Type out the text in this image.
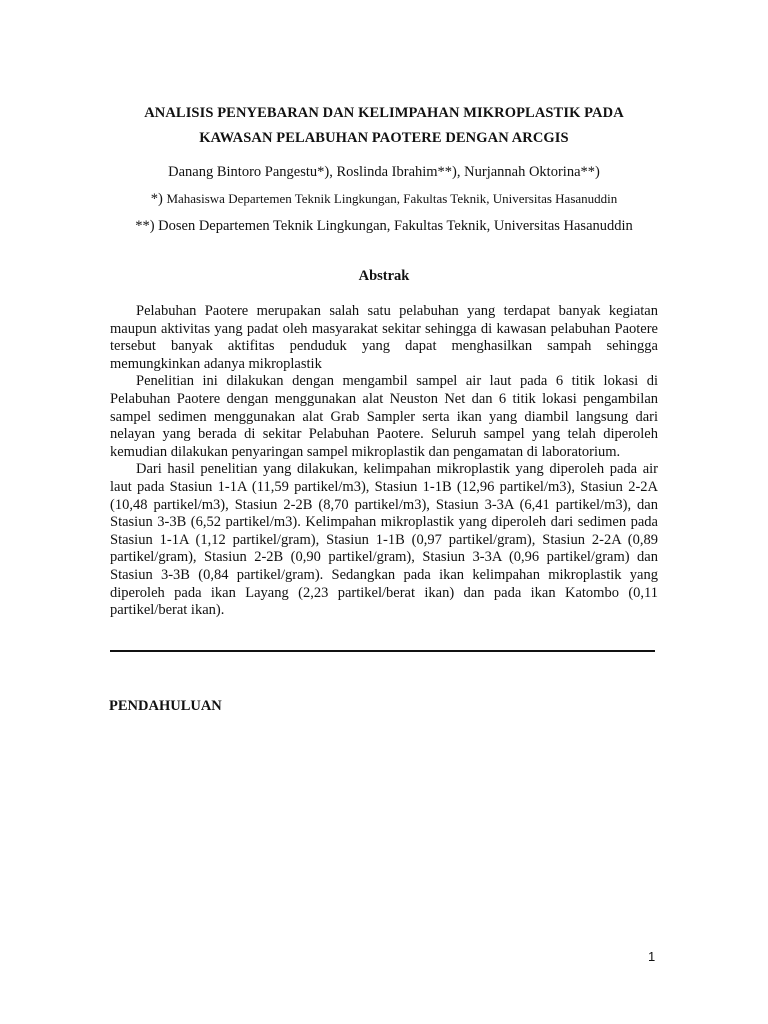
ANALISIS PENYEBARAN DAN KELIMPAHAN MIKROPLASTIK PADA
KAWASAN PELABUHAN PAOTERE DENGAN ARCGIS
Danang Bintoro Pangestu*), Roslinda Ibrahim**), Nurjannah Oktorina**)
*) Mahasiswa Departemen Teknik Lingkungan, Fakultas Teknik, Universitas Hasanuddin
**) Dosen Departemen Teknik Lingkungan, Fakultas Teknik, Universitas Hasanuddin
Abstrak

Pelabuhan Paotere merupakan salah satu pelabuhan yang terdapat banyak kegiatan maupun aktivitas yang padat oleh masyarakat sekitar sehingga di kawasan pelabuhan Paotere tersebut banyak aktifitas penduduk yang dapat menghasilkan sampah sehingga memungkinkan adanya mikroplastik

Penelitian ini dilakukan dengan mengambil sampel air laut pada 6 titik lokasi di Pelabuhan Paotere dengan menggunakan alat Neuston Net dan 6 titik lokasi pengambilan sampel sedimen menggunakan alat Grab Sampler serta ikan yang diambil langsung dari nelayan yang berada di sekitar Pelabuhan Paotere. Seluruh sampel yang telah diperoleh kemudian dilakukan penyaringan sampel mikroplastik dan pengamatan di laboratorium.

Dari hasil penelitian yang dilakukan, kelimpahan mikroplastik yang diperoleh pada air laut pada Stasiun 1-1A (11,59 partikel/m3), Stasiun 1-1B (12,96 partikel/m3), Stasiun 2-2A (10,48 partikel/m3), Stasiun 2-2B (8,70 partikel/m3), Stasiun 3-3A (6,41 partikel/m3), dan Stasiun 3-3B (6,52 partikel/m3). Kelimpahan mikroplastik yang diperoleh dari sedimen pada Stasiun 1-1A (1,12 partikel/gram), Stasiun 1-1B (0,97 partikel/gram), Stasiun 2-2A (0,89 partikel/gram), Stasiun 2-2B (0,90 partikel/gram), Stasiun 3-3A (0,96 partikel/gram) dan Stasiun 3-3B (0,84 partikel/gram). Sedangkan pada ikan kelimpahan mikroplastik yang diperoleh pada ikan Layang (2,23 partikel/berat ikan) dan pada ikan Katombo (0,11 partikel/berat ikan).

PENDAHULUAN
1
